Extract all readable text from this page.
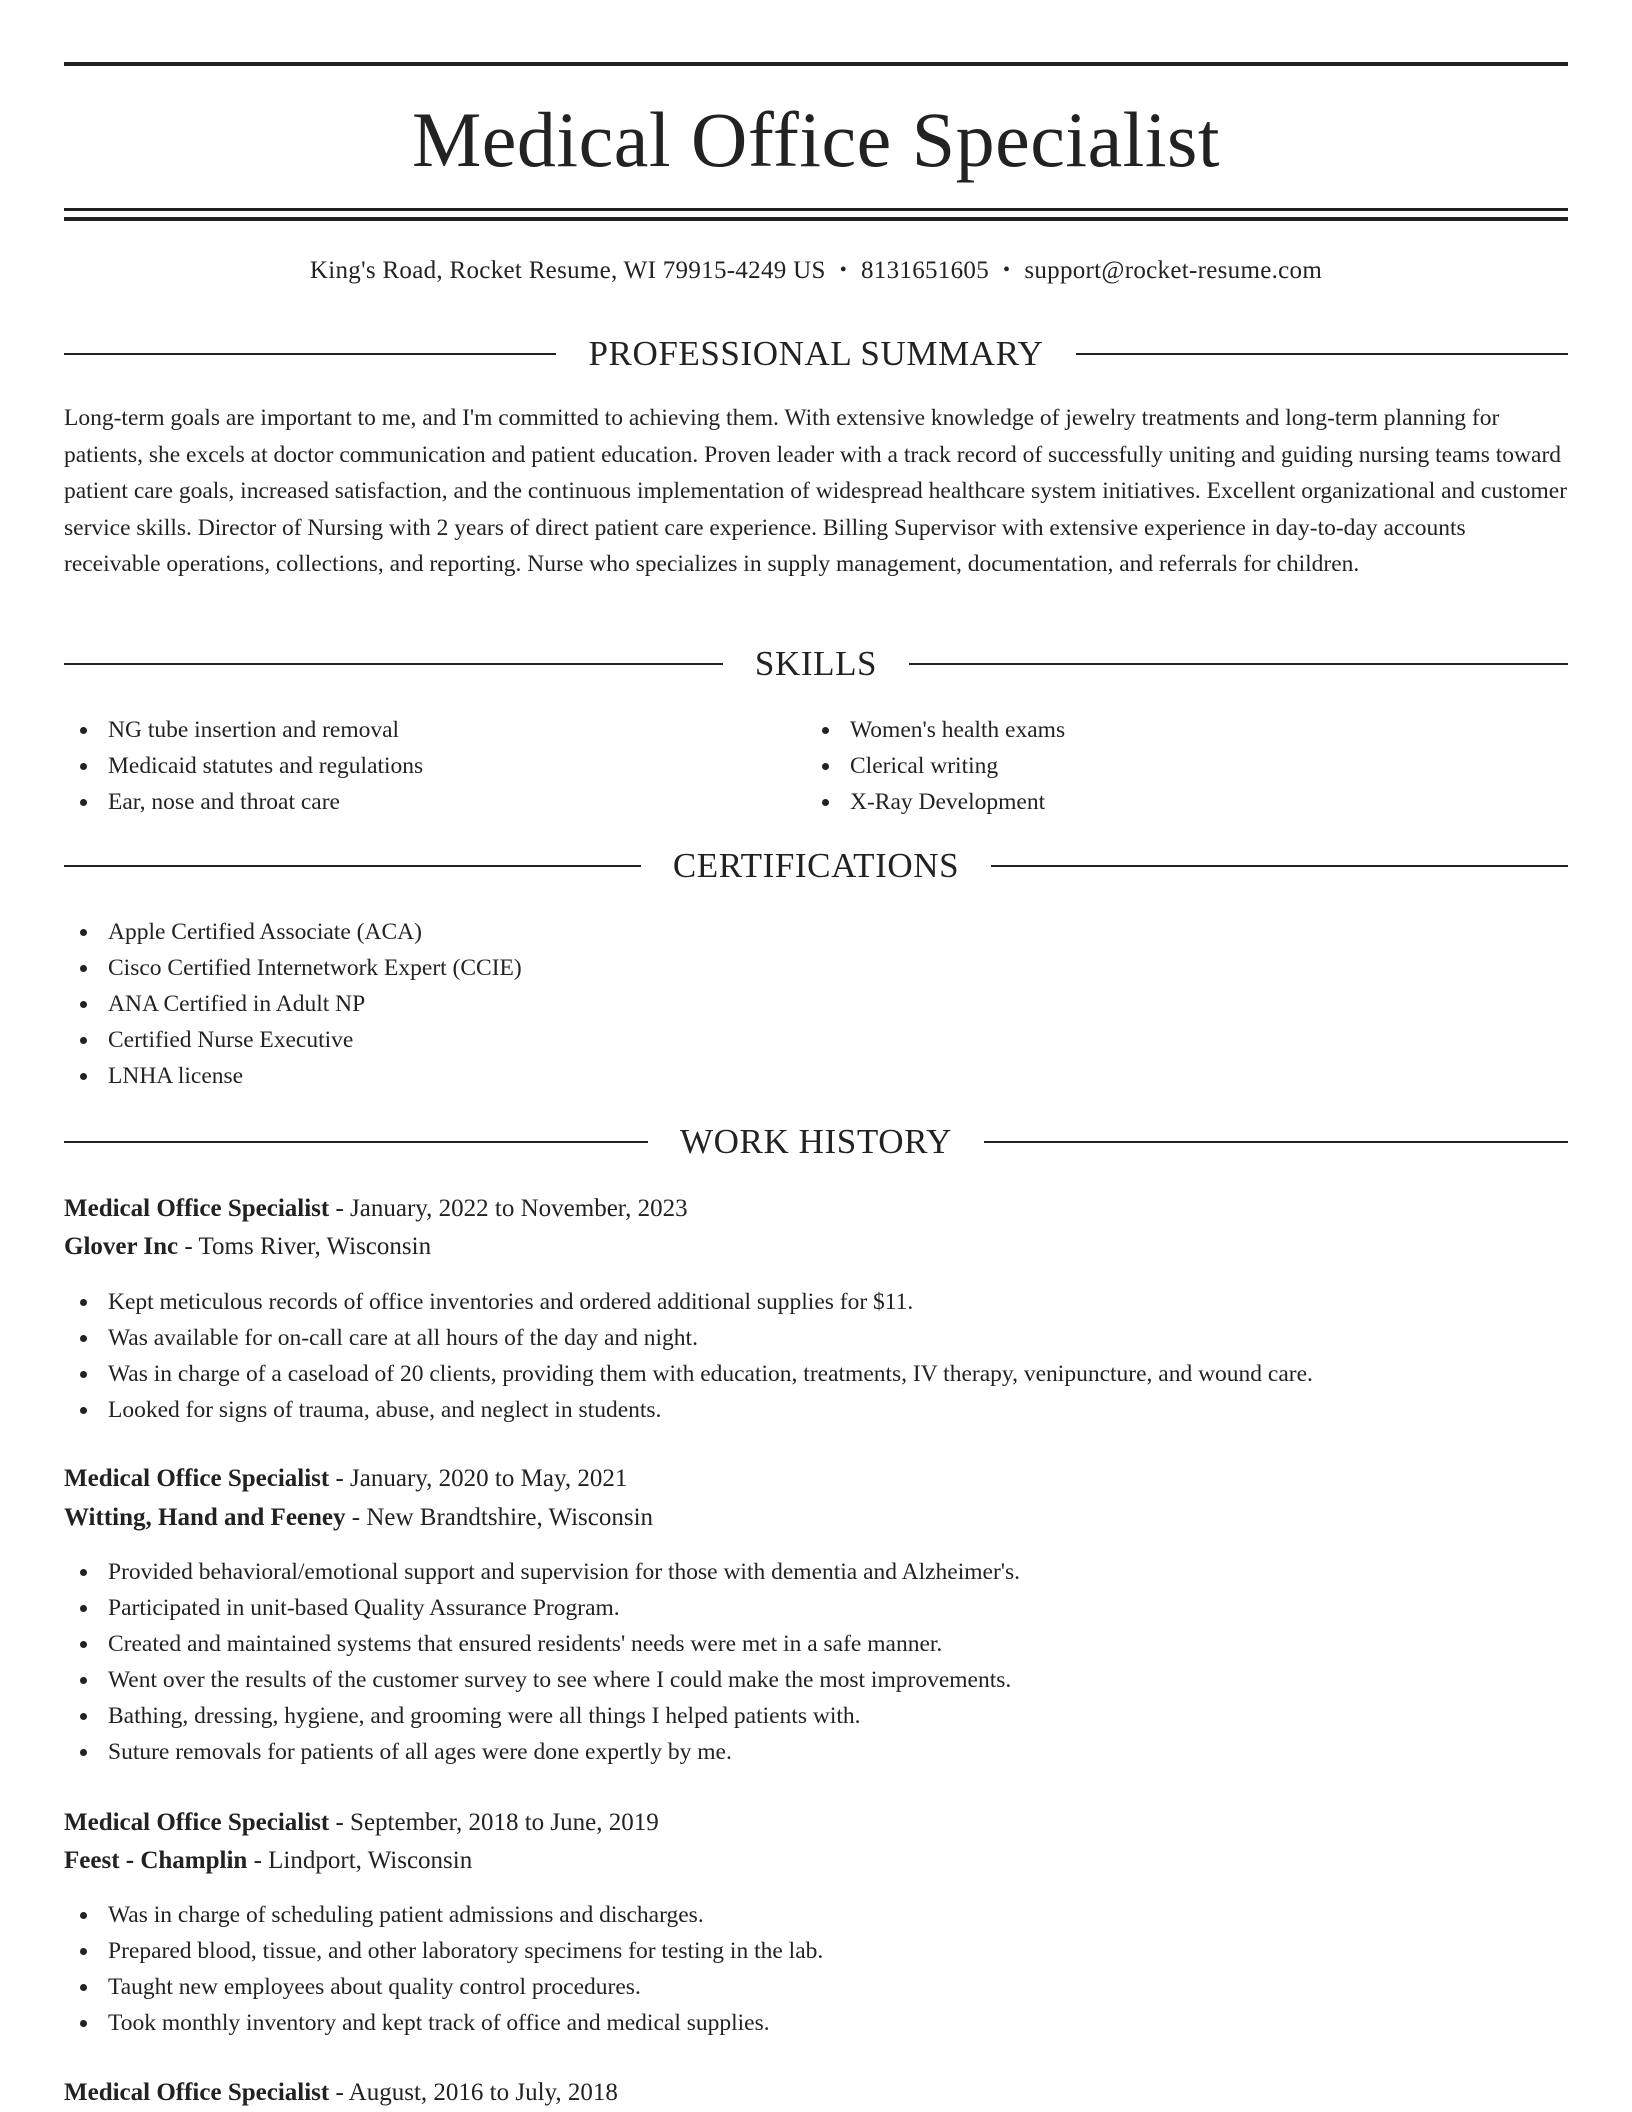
Medical Office Specialist
King's Road, Rocket Resume, WI 79915-4249 US • 8131651605 • support@rocket-resume.com
PROFESSIONAL SUMMARY

Long-term goals are important to me, and I'm committed to achieving them. With extensive knowledge of jewelry treatments and long-term planning for patients, she excels at doctor communication and patient education. Proven leader with a track record of successfully uniting and guiding nursing teams toward patient care goals, increased satisfaction, and the continuous implementation of widespread healthcare system initiatives. Excellent organizational and customer service skills. Director of Nursing with 2 years of direct patient care experience. Billing Supervisor with extensive experience in day-to-day accounts receivable operations, collections, and reporting. Nurse who specializes in supply management, documentation, and referrals for children.

SKILLS
NG tube insertion and removal
Medicaid statutes and regulations
Ear, nose and throat care
Women's health exams
Clerical writing
X-Ray Development
CERTIFICATIONS
Apple Certified Associate (ACA)
Cisco Certified Internetwork Expert (CCIE)
ANA Certified in Adult NP
Certified Nurse Executive
LNHA license
WORK HISTORY
Medical Office Specialist - January, 2022 to November, 2023
Glover Inc - Toms River, Wisconsin
Kept meticulous records of office inventories and ordered additional supplies for $11.
Was available for on-call care at all hours of the day and night.
Was in charge of a caseload of 20 clients, providing them with education, treatments, IV therapy, venipuncture, and wound care.
Looked for signs of trauma, abuse, and neglect in students.
Medical Office Specialist - January, 2020 to May, 2021
Witting, Hand and Feeney - New Brandtshire, Wisconsin
Provided behavioral/emotional support and supervision for those with dementia and Alzheimer's.
Participated in unit-based Quality Assurance Program.
Created and maintained systems that ensured residents' needs were met in a safe manner.
Went over the results of the customer survey to see where I could make the most improvements.
Bathing, dressing, hygiene, and grooming were all things I helped patients with.
Suture removals for patients of all ages were done expertly by me.
Medical Office Specialist - September, 2018 to June, 2019
Feest - Champlin - Lindport, Wisconsin
Was in charge of scheduling patient admissions and discharges.
Prepared blood, tissue, and other laboratory specimens for testing in the lab.
Taught new employees about quality control procedures.
Took monthly inventory and kept track of office and medical supplies.
Medical Office Specialist - August, 2016 to July, 2018
